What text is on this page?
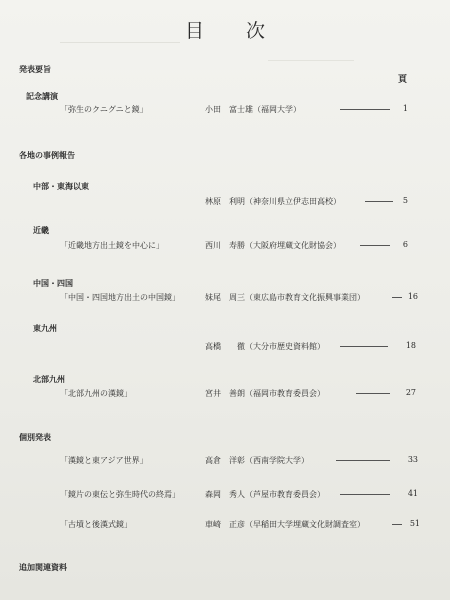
目 次
頁
発表要旨
記念講演
「弥生のクニグニと鏡」	小田　富士雄（福岡大学）	1
各地の事例報告
中部・東海以東
林原　利明（神奈川県立伊志田高校）	5
近畿
「近畿地方出土鏡を中心に」	西川　寿勝（大阪府埋蔵文化財協会）	6
中国・四国
「中国・四国地方出土の中国鏡」	妹尾　周三（東広島市教育文化振興事業団）	16
東九州
高橋　　徹（大分市歴史資料館）	18
北部九州
「北部九州の漢鏡」	宮井　善朗（福岡市教育委員会）	27
個別発表
「漢鏡と東アジア世界」	高倉　洋彰（西南学院大学）	33
「鏡片の東伝と弥生時代の終焉」	森岡　秀人（芦屋市教育委員会）	41
「古墳と後漢式鏡」	車崎　正彦（早稲田大学埋蔵文化財調査室）	51
追加関連資料
